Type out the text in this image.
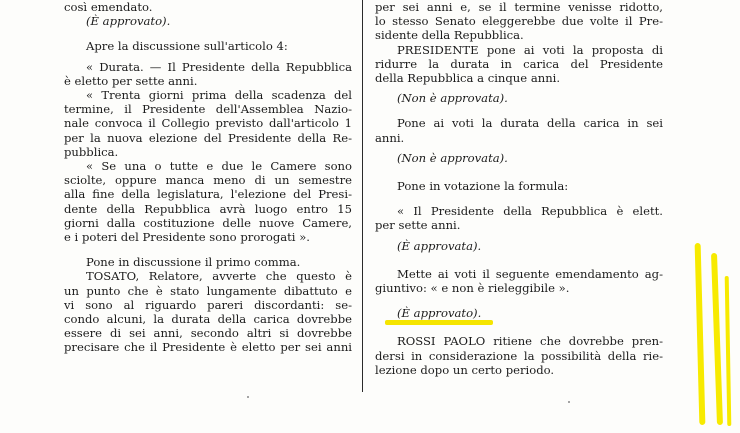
così emendato.
(È approvato).
Apre la discussione sull'articolo 4:
« Durata. — Il Presidente della Repubblica
è eletto per sette anni.
« Trenta giorni prima della scadenza del
termine, il Presidente dell'Assemblea Nazio-
nale convoca il Collegio previsto dall'articolo 1
per la nuova elezione del Presidente della Re-
pubblica.
« Se una o tutte e due le Camere sono
sciolte, oppure manca meno di un semestre
alla fine della legislatura, l'elezione del Presi-
dente della Repubblica avrà luogo entro 15
giorni dalla costituzione delle nuove Camere,
e i poteri del Presidente sono prorogati ».
Pone in discussione il primo comma.
TOSATO, Relatore, avverte che questo è
un punto che è stato lungamente dibattuto e
vi sono al riguardo pareri discordanti: se-
condo alcuni, la durata della carica dovrebbe
essere di sei anni, secondo altri si dovrebbe
precisare che il Presidente è eletto per sei anni
per sei anni e, se il termine venisse ridotto,
lo stesso Senato eleggerebbe due volte il Pre-
sidente della Repubblica.
PRESIDENTE pone ai voti la proposta di
ridurre la durata in carica del Presidente
della Repubblica a cinque anni.
(Non è approvata).
Pone ai voti la durata della carica in sei
anni.
(Non è approvata).
Pone in votazione la formula:
« Il Presidente della Repubblica è elett.
per sette anni.
(È approvata).
Mette ai voti il seguente emendamento ag-
giuntivo: « e non è rieleggibile ».
(È approvato).
ROSSI PAOLO ritiene che dovrebbe pren-
dersi in considerazione la possibilità della rie-
lezione dopo un certo periodo.
